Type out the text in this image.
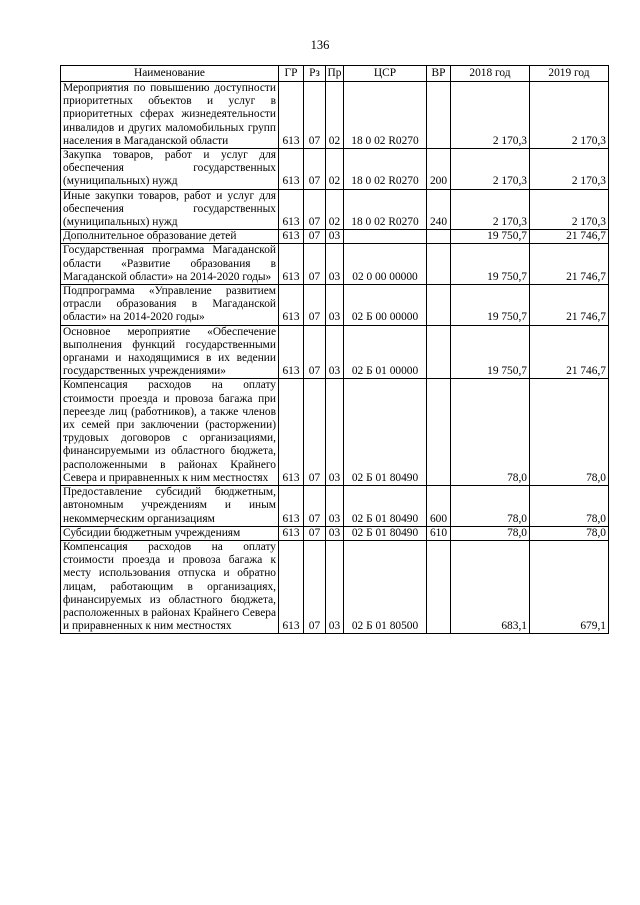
136
Наименование	ГР	Рз	Пр	ЦСР	ВР	2018 год	2019 год
Мероприятия по повышению доступности приоритетных объектов и услуг в приоритетных сферах жизнедеятельности инвалидов и других маломобильных групп населения в Магаданской области	613	07	02	18 0 02 R0270		2 170,3	2 170,3
Закупка товаров, работ и услуг для обеспечения государственных (муниципальных) нужд	613	07	02	18 0 02 R0270	200	2 170,3	2 170,3
Иные закупки товаров, работ и услуг для обеспечения государственных (муниципальных) нужд	613	07	02	18 0 02 R0270	240	2 170,3	2 170,3
Дополнительное образование детей	613	07	03			19 750,7	21 746,7
Государственная программа Магаданской области «Развитие образования в Магаданской области» на 2014-2020 годы»	613	07	03	02 0 00 00000		19 750,7	21 746,7
Подпрограмма «Управление развитием отрасли образования в Магаданской области» на 2014-2020 годы»	613	07	03	02 Б 00 00000		19 750,7	21 746,7
Основное мероприятие «Обеспечение выполнения функций государственными органами и находящимися в их ведении государственных учреждениями»	613	07	03	02 Б 01 00000		19 750,7	21 746,7
Компенсация расходов на оплату стоимости проезда и провоза багажа при переезде лиц (работников), а также членов их семей при заключении (расторжении) трудовых договоров с организациями, финансируемыми из областного бюджета, расположенными в районах Крайнего Севера и приравненных к ним местностях	613	07	03	02 Б 01 80490		78,0	78,0
Предоставление субсидий бюджетным, автономным учреждениям и иным некоммерческим организациям	613	07	03	02 Б 01 80490	600	78,0	78,0
Субсидии бюджетным учреждениям	613	07	03	02 Б 01 80490	610	78,0	78,0
Компенсация расходов на оплату стоимости проезда и провоза багажа к месту использования отпуска и обратно лицам, работающим в организациях, финансируемых из областного бюджета, расположенных в районах Крайнего Севера и приравненных к ним местностях	613	07	03	02 Б 01 80500		683,1	679,1
